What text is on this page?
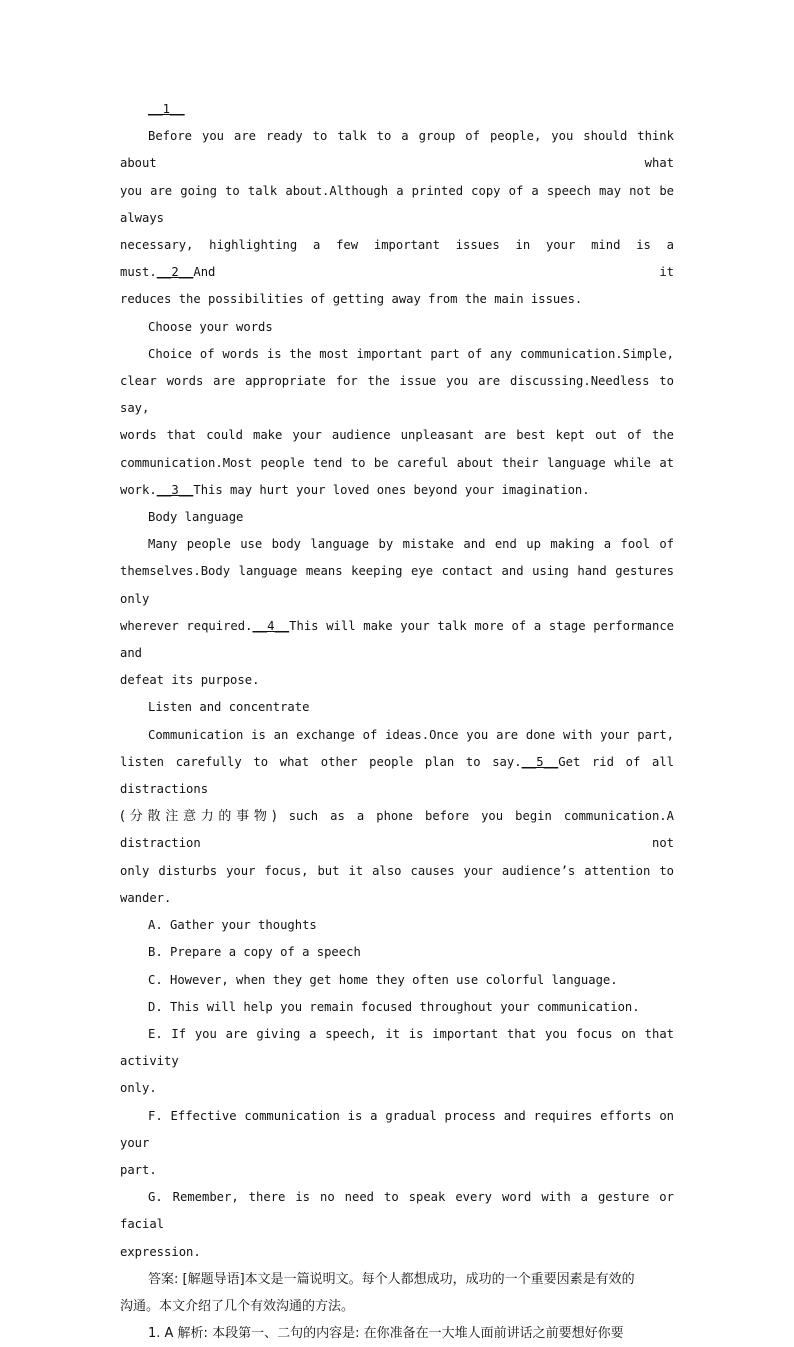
__1__

Before you are ready to talk to a group of people, you should think about what

you are going to talk about.Although a printed copy of a speech may not be always

necessary, highlighting a few important issues in your mind is a must.__2__And it

reduces the possibilities of getting away from the main issues.

Choose your words

Choice of words is the most important part of any communication.Simple,

clear words are appropriate for the issue you are discussing.Needless to say,

words that could make your audience unpleasant are best kept out of the

communication.Most people tend to be careful about their language while at

work.__3__This may hurt your loved ones beyond your imagination.

Body language

Many people use body language by mistake and end up making a fool of

themselves.Body language means keeping eye contact and using hand gestures only

wherever required.__4__This will make your talk more of a stage performance and

defeat its purpose.

Listen and concentrate

Communication is an exchange of ideas.Once you are done with your part,

listen carefully to what other people plan to say.__5__Get rid of all distractions

(分散注意力的事物) such as a phone before you begin communication.A distraction not

only disturbs your focus, but it also causes your audience’s attention to wander.

A. Gather your thoughts

B. Prepare a copy of a speech

C. However, when they get home they often use colorful language.

D. This will help you remain focused throughout your communication.

E. If you are giving a speech, it is important that you focus on that activity

only.

F. Effective communication is a gradual process and requires efforts on your

part.

G. Remember, there is no need to speak every word with a gesture or facial

expression.

答案: [解题导语]本文是一篇说明文。每个人都想成功，成功的一个重要因素是有效的

沟通。本文介绍了几个有效沟通的方法。

1. A 解析: 本段第一、二句的内容是: 在你准备在一大堆人面前讲话之前要想好你要
